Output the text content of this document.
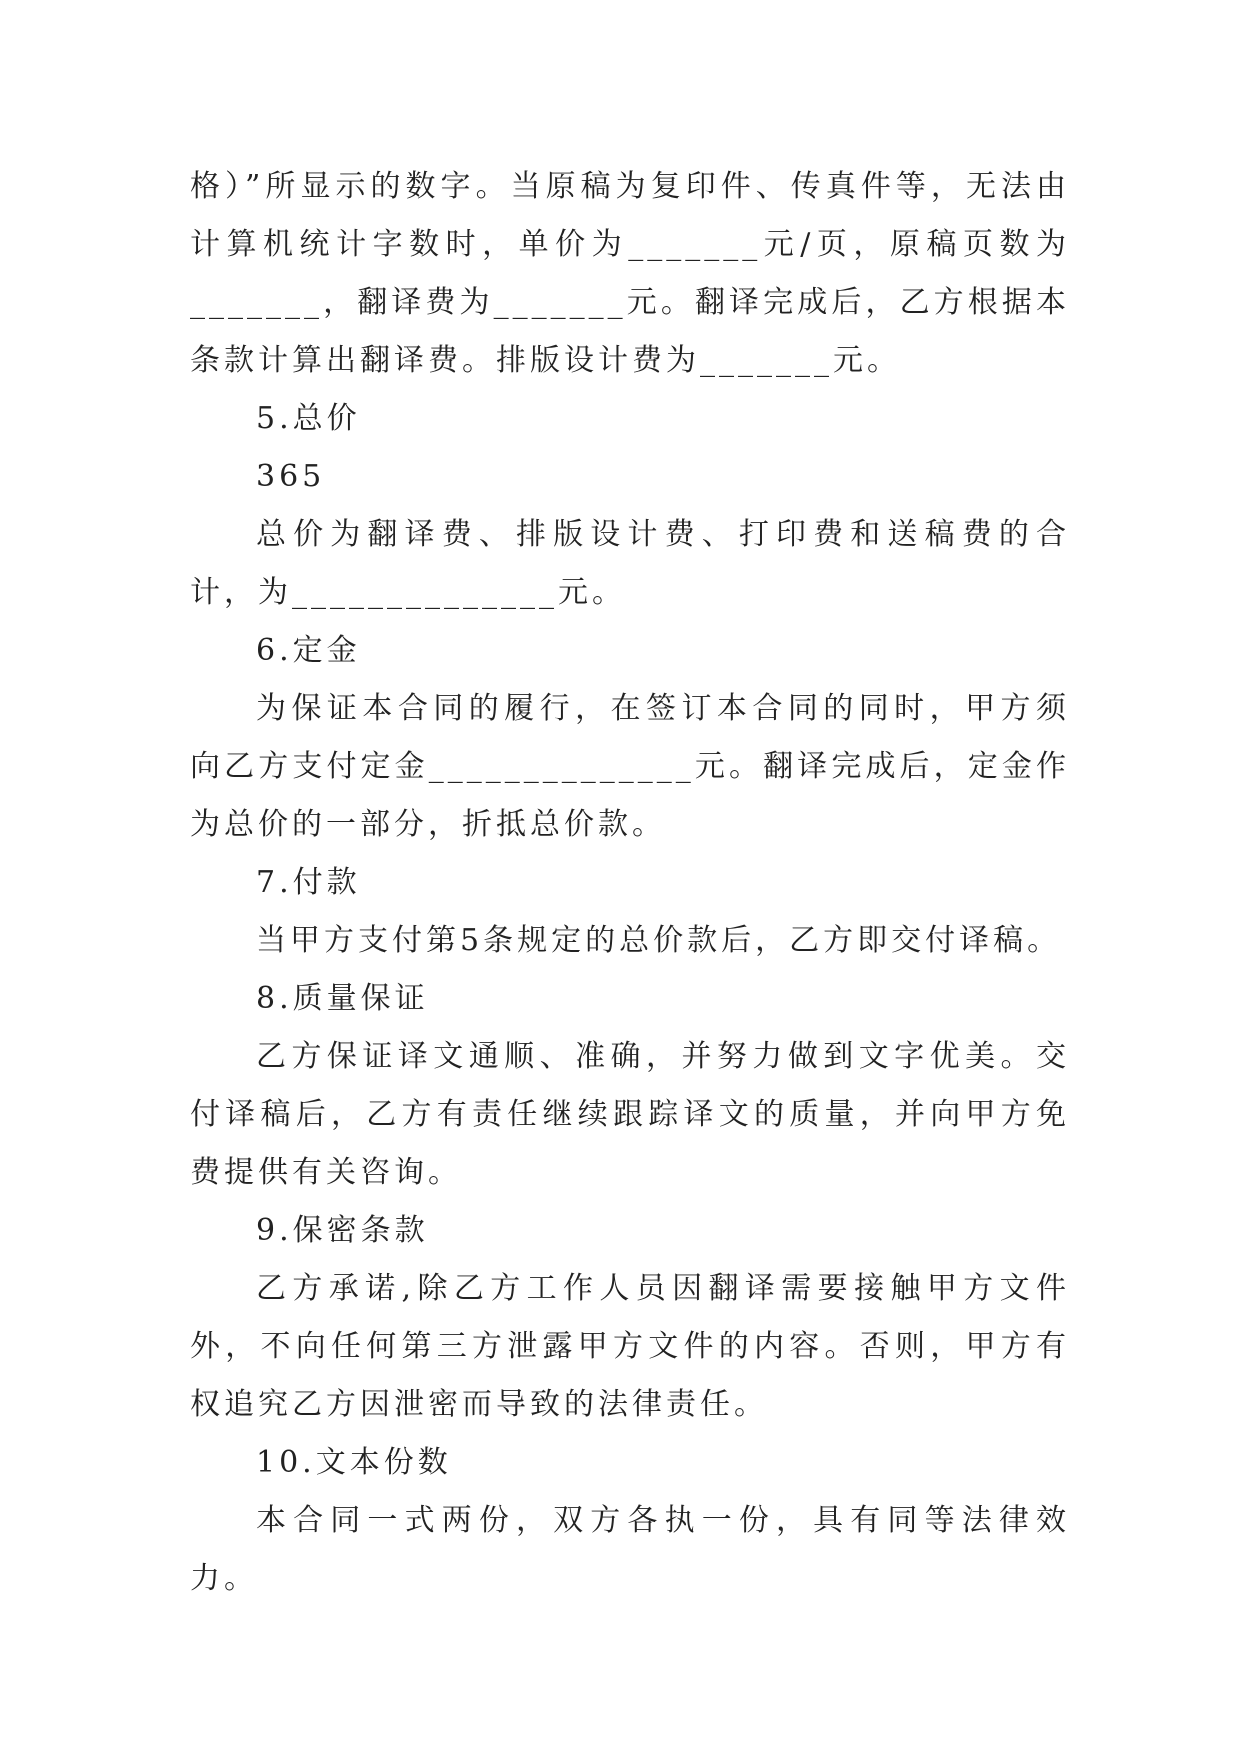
格）”所显示的数字。当原稿为复印件、传真件等，无法由计算机统计字数时，单价为_______元/页，原稿页数为_______，翻译费为_______元。翻译完成后，乙方根据本条款计算出翻译费。排版设计费为_______元。

5.总价

365

总价为翻译费、排版设计费、打印费和送稿费的合计，为______________元。

6.定金

为保证本合同的履行，在签订本合同的同时，甲方须向乙方支付定金______________元。翻译完成后，定金作为总价的一部分，折抵总价款。

7.付款

当甲方支付第5条规定的总价款后，乙方即交付译稿。

8.质量保证

乙方保证译文通顺、准确，并努力做到文字优美。交付译稿后，乙方有责任继续跟踪译文的质量，并向甲方免费提供有关咨询。

9.保密条款

乙方承诺,除乙方工作人员因翻译需要接触甲方文件外，不向任何第三方泄露甲方文件的内容。否则，甲方有权追究乙方因泄密而导致的法律责任。

10.文本份数

本合同一式两份，双方各执一份，具有同等法律效力。
